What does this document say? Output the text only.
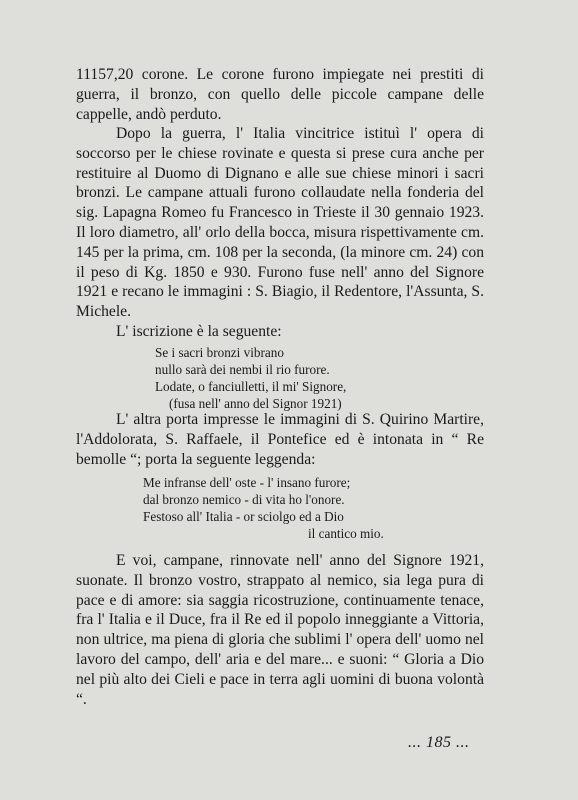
11157,20 corone. Le corone furono impiegate nei prestiti di guerra, il bronzo, con quello delle piccole campane delle cappelle, andò perduto.

Dopo la guerra, l' Italia vincitrice istituì l' opera di soccorso per le chiese rovinate e questa si prese cura anche per restituire al Duomo di Dignano e alle sue chiese minori i sacri bronzi. Le campane attuali furono collaudate nella fonderia del sig. Lapagna Romeo fu Francesco in Trieste il 30 gennaio 1923. Il loro diametro, all' orlo della bocca, misura rispettivamente cm. 145 per la prima, cm. 108 per la seconda, (la minore cm. 24) con il peso di Kg. 1850 e 930. Furono fuse nell' anno del Signore 1921 e recano le immagini : S. Biagio, il Redentore, l'Assunta, S. Michele.

L' iscrizione è la seguente:

Se i sacri bronzi vibrano
nullo sarà dei nembi il rio furore.
Lodate, o fanciulletti, il mi' Signore,
(fusa nell' anno del Signor 1921)

L' altra porta impresse le immagini di S. Quirino Martire, l'Addolorata, S. Raffaele, il Pontefice ed è intonata in “ Re bemolle “; porta la seguente leggenda:

Me infranse dell' oste - l' insano furore;
dal bronzo nemico - di vita ho l'onore.
Festoso all' Italia - or sciolgo ed a Dio
il cantico mio.

E voi, campane, rinnovate nell' anno del Signore 1921, suonate. Il bronzo vostro, strappato al nemico, sia lega pura di pace e di amore: sia saggia ricostruzione, continuamente tenace, fra l' Italia e il Duce, fra il Re ed il popolo inneggiante a Vittoria, non ultrice, ma piena di gloria che sublimi l' opera dell' uomo nel lavoro del campo, dell' aria e del mare... e suoni: “ Gloria a Dio nel più alto dei Cieli e pace in terra agli uomini di buona volontà “.

... 185 ...
